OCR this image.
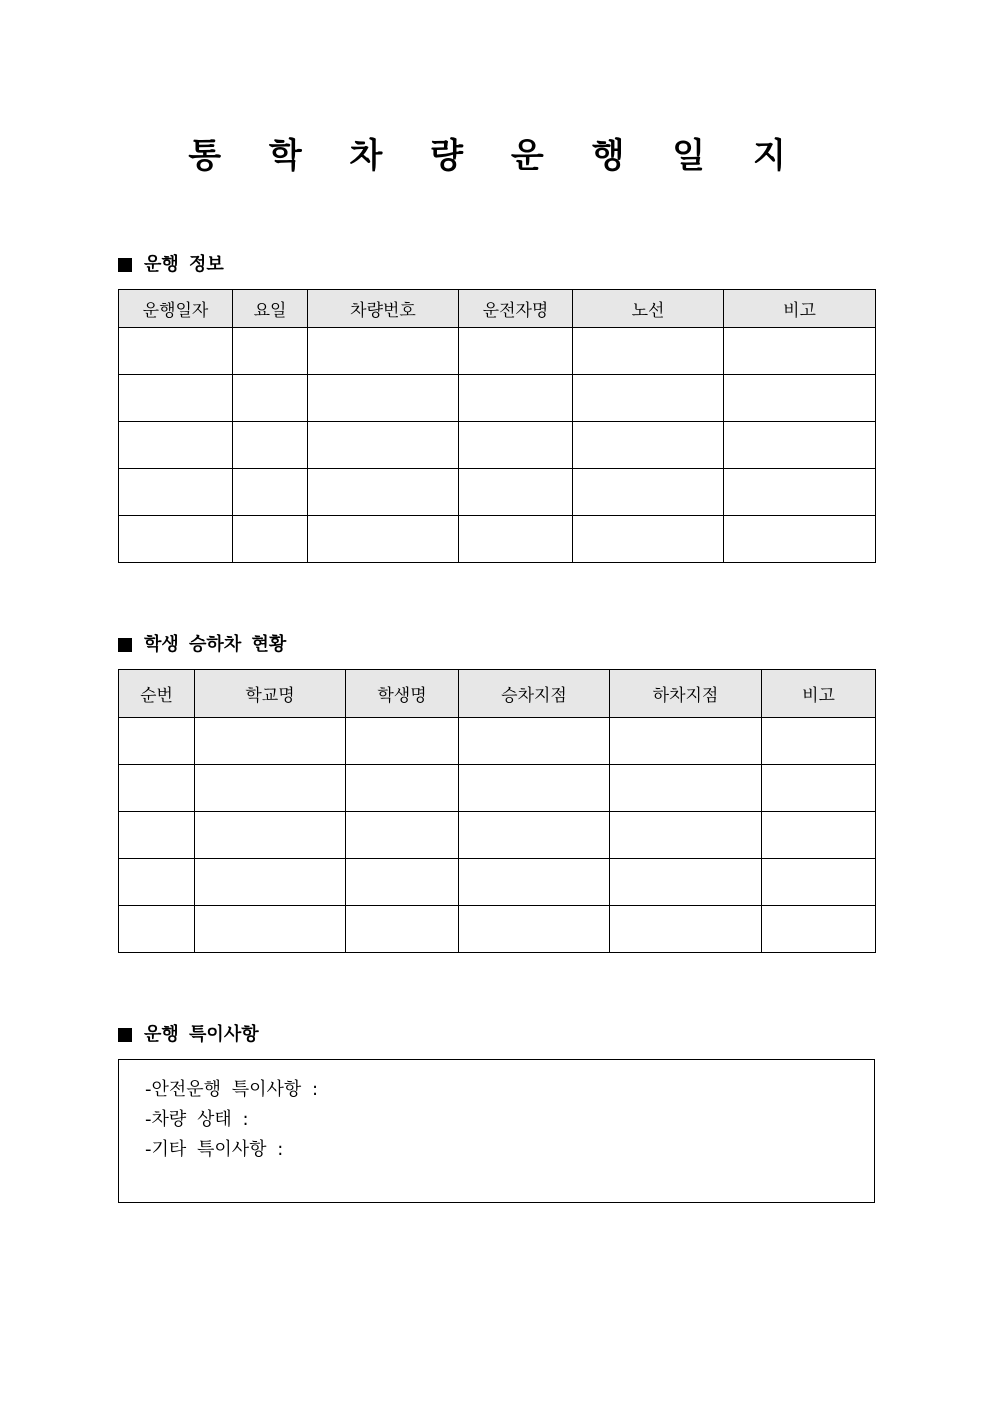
통 학 차 량 운 행 일 지
운행 정보
운행일자	요일	차량번호	운전자명	노선	비고

학생 승하차 현황
순번	학교명	학생명	승차지점	하차지점	비고

운행 특이사항
-안전운행 특이사항 :
-차량 상태 :
-기타 특이사항 :
